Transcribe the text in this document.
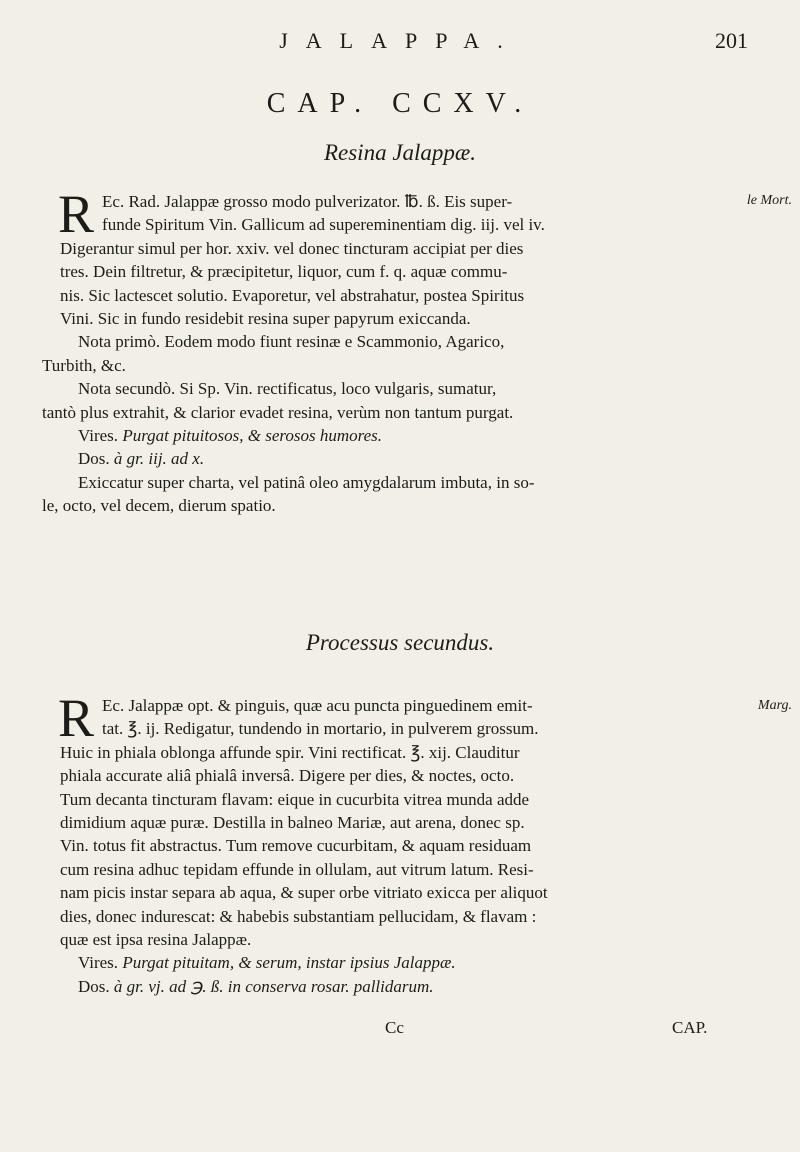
JALAPPA.	201
CAP. CCXV.
Resina Jalappæ.
le Mort.

R Ec. Rad. Jalappæ grosso modo pulverizator. ℔. ß. Eis super-
funde Spiritum Vin. Gallicum ad supereminentiam dig. iij. vel iv.
Digerantur simul per hor. xxiv. vel donec tincturam accipiat per dies
tres. Dein filtretur, & præcipitetur, liquor, cum f. q. aquæ commu-
nis. Sic lactescet solutio. Evaporetur, vel abstrahatur, postea Spiritus
Vini. Sic in fundo residebit resina super papyrum exiccanda.

Nota primò. Eodem modo fiunt resinæ e Scammonio, Agarico,
Turbith, &c.

Nota secundò. Si Sp. Vin. rectificatus, loco vulgaris, sumatur,
tantò plus extrahit, & clarior evadet resina, verùm non tantum purgat.

Vires. Purgat pituitosos, & serosos humores.

Dos. à gr. iij. ad x.

Exiccatur super charta, vel patinâ oleo amygdalarum imbuta, in so-
le, octo, vel decem, dierum spatio.

Processus secundus.
Marg.

R Ec. Jalappæ opt. & pinguis, quæ acu puncta pinguedinem emit-
tat. ℥. ij. Redigatur, tundendo in mortario, in pulverem grossum.
Huic in phiala oblonga affunde spir. Vini rectificat. ℥. xij. Clauditur
phiala accurate aliâ phialâ inversâ. Digere per dies, & noctes, octo.
Tum decanta tincturam flavam: eique in cucurbita vitrea munda adde
dimidium aquæ puræ. Destilla in balneo Mariæ, aut arena, donec sp.
Vin. totus fit abstractus. Tum remove cucurbitam, & aquam residuam
cum resina adhuc tepidam effunde in ollulam, aut vitrum latum. Resi-
nam picis instar separa ab aqua, & super orbe vitriato exicca per aliquot
dies, donec indurescat: & habebis substantiam pellucidam, & flavam :
quæ est ipsa resina Jalappæ.

Vires. Purgat pituitam, & serum, instar ipsius Jalappæ.

Dos. à gr. vj. ad ℈. ß. in conserva rosar. pallidarum.

Cc	CAP.
